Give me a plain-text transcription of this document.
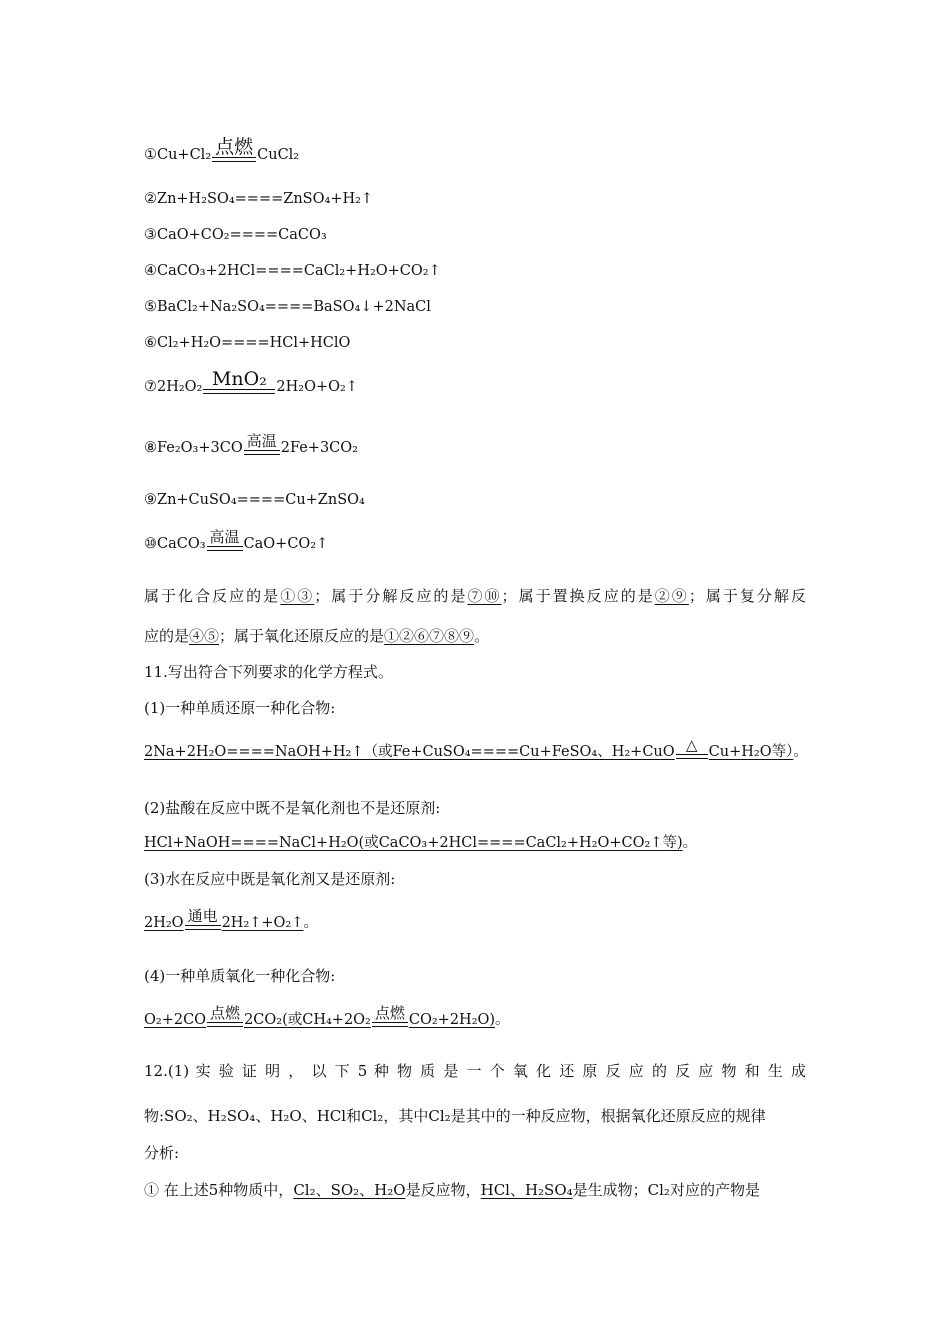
①Cu+Cl₂ 点燃 CuCl₂
②Zn+H₂SO₄====ZnSO₄+H₂↑
③CaO+CO₂====CaCO₃
④CaCO₃+2HCl====CaCl₂+H₂O+CO₂↑
⑤BaCl₂+Na₂SO₄====BaSO₄↓+2NaCl
⑥Cl₂+H₂O====HCl+HClO
⑦2H₂O₂ MnO₂ 2H₂O+O₂↑
⑧Fe₂O₃+3CO 高温 2Fe+3CO₂
⑨Zn+CuSO₄====Cu+ZnSO₄
⑩CaCO₃ 高温 CaO+CO₂↑
属于化合反应的是①③；属于分解反应的是⑦⑩；属于置换反应的是②⑨；属于复分解反
应的是④⑤；属于氧化还原反应的是①②⑥⑦⑧⑨。
11.写出符合下列要求的化学方程式。
(1)一种单质还原一种化合物:
2Na+2H₂O====NaOH+H₂↑（或Fe+CuSO₄====Cu+FeSO₄、H₂+CuO △ Cu+H₂O等）。
(2)盐酸在反应中既不是氧化剂也不是还原剂:
HCl+NaOH====NaCl+H₂O(或CaCO₃+2HCl====CaCl₂+H₂O+CO₂↑等)。
(3)水在反应中既是氧化剂又是还原剂:
2H₂O 通电 2H₂↑+O₂↑。
(4)一种单质氧化一种化合物:
O₂+2CO 点燃 2CO₂(或CH₄+2O₂ 点燃 CO₂+2H₂O)。
12.(1) 实 验 证 明 ， 以 下 5 种 物 质 是 一 个 氧 化 还 原 反 应 的 反 应 物 和 生 成
物:SO₂、H₂SO₄、H₂O、HCl和Cl₂，其中Cl₂是其中的一种反应物，根据氧化还原反应的规律
分析:
① 在上述5种物质中，Cl₂、SO₂、H₂O是反应物，HCl、H₂SO₄是生成物；Cl₂对应的产物是
